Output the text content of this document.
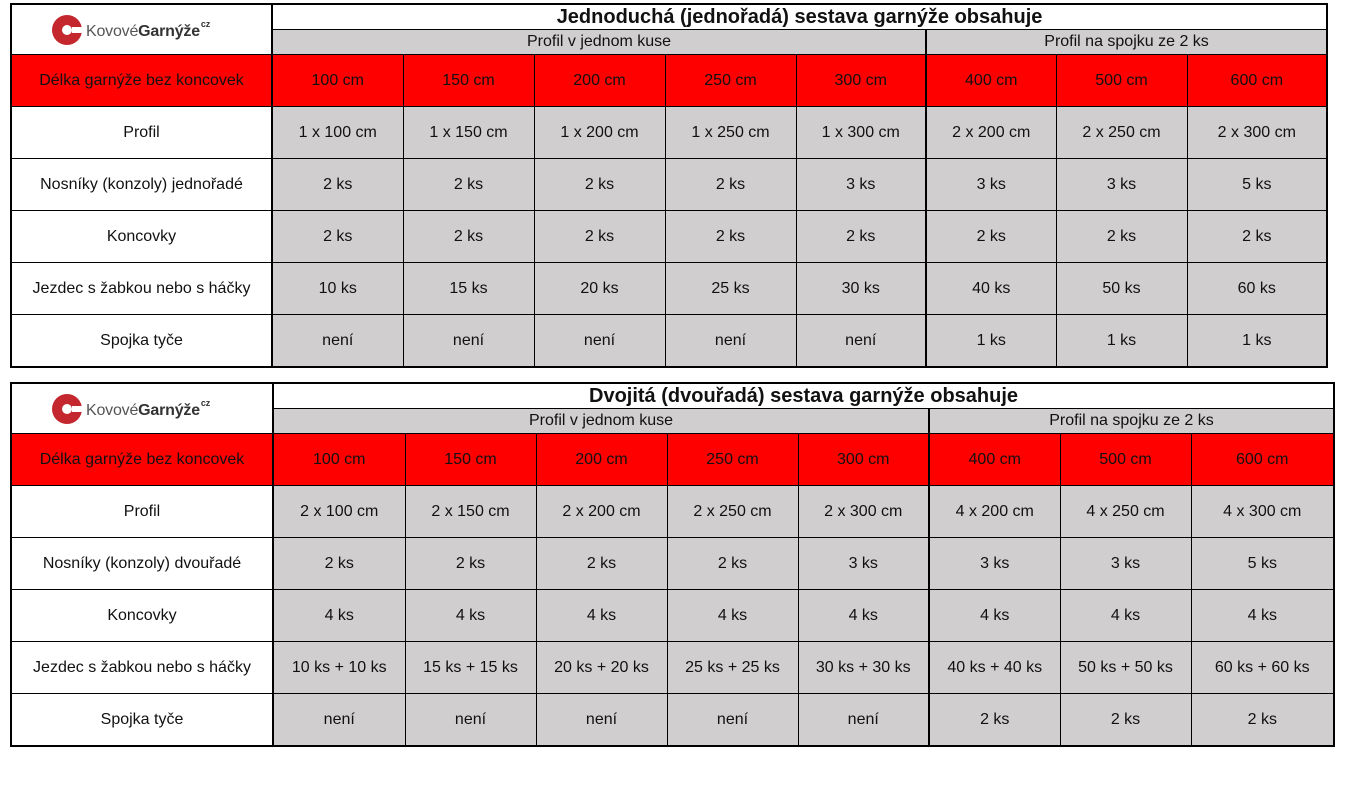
KovovéGarnýže$^{cz}$	Jednoduchá (jednořadá) sestava garnýže obsahuje							
	Profil v jednom kuse					Profil na spojku ze 2 ks		
Délka garnýže bez koncovek	100 cm	150 cm	200 cm	250 cm	300 cm	400 cm	500 cm	600 cm
Profil	1 x 100 cm	1 x 150 cm	1 x 200 cm	1 x 250 cm	1 x 300 cm	2 x 200 cm	2 x 250 cm	2 x 300 cm
Nosníky (konzoly) jednořadé	2 ks	2 ks	2 ks	2 ks	3 ks	3 ks	3 ks	5 ks
Koncovky	2 ks	2 ks	2 ks	2 ks	2 ks	2 ks	2 ks	2 ks
Jezdec s žabkou nebo s háčky	10 ks	15 ks	20 ks	25 ks	30 ks	40 ks	50 ks	60 ks
Spojka tyče	není	není	není	není	není	1 ks	1 ks	1 ks
KovovéGarnýže$^{cz}$	Dvojitá (dvouřadá) sestava garnýže obsahuje							
	Profil v jednom kuse					Profil na spojku ze 2 ks		
Délka garnýže bez koncovek	100 cm	150 cm	200 cm	250 cm	300 cm	400 cm	500 cm	600 cm
Profil	2 x 100 cm	2 x 150 cm	2 x 200 cm	2 x 250 cm	2 x 300 cm	4 x 200 cm	4 x 250 cm	4 x 300 cm
Nosníky (konzoly) dvouřadé	2 ks	2 ks	2 ks	2 ks	3 ks	3 ks	3 ks	5 ks
Koncovky	4 ks	4 ks	4 ks	4 ks	4 ks	4 ks	4 ks	4 ks
Jezdec s žabkou nebo s háčky	10 ks + 10 ks	15 ks + 15 ks	20 ks + 20 ks	25 ks + 25 ks	30 ks + 30 ks	40 ks + 40 ks	50 ks + 50 ks	60 ks + 60 ks
Spojka tyče	není	není	není	není	není	2 ks	2 ks	2 ks
